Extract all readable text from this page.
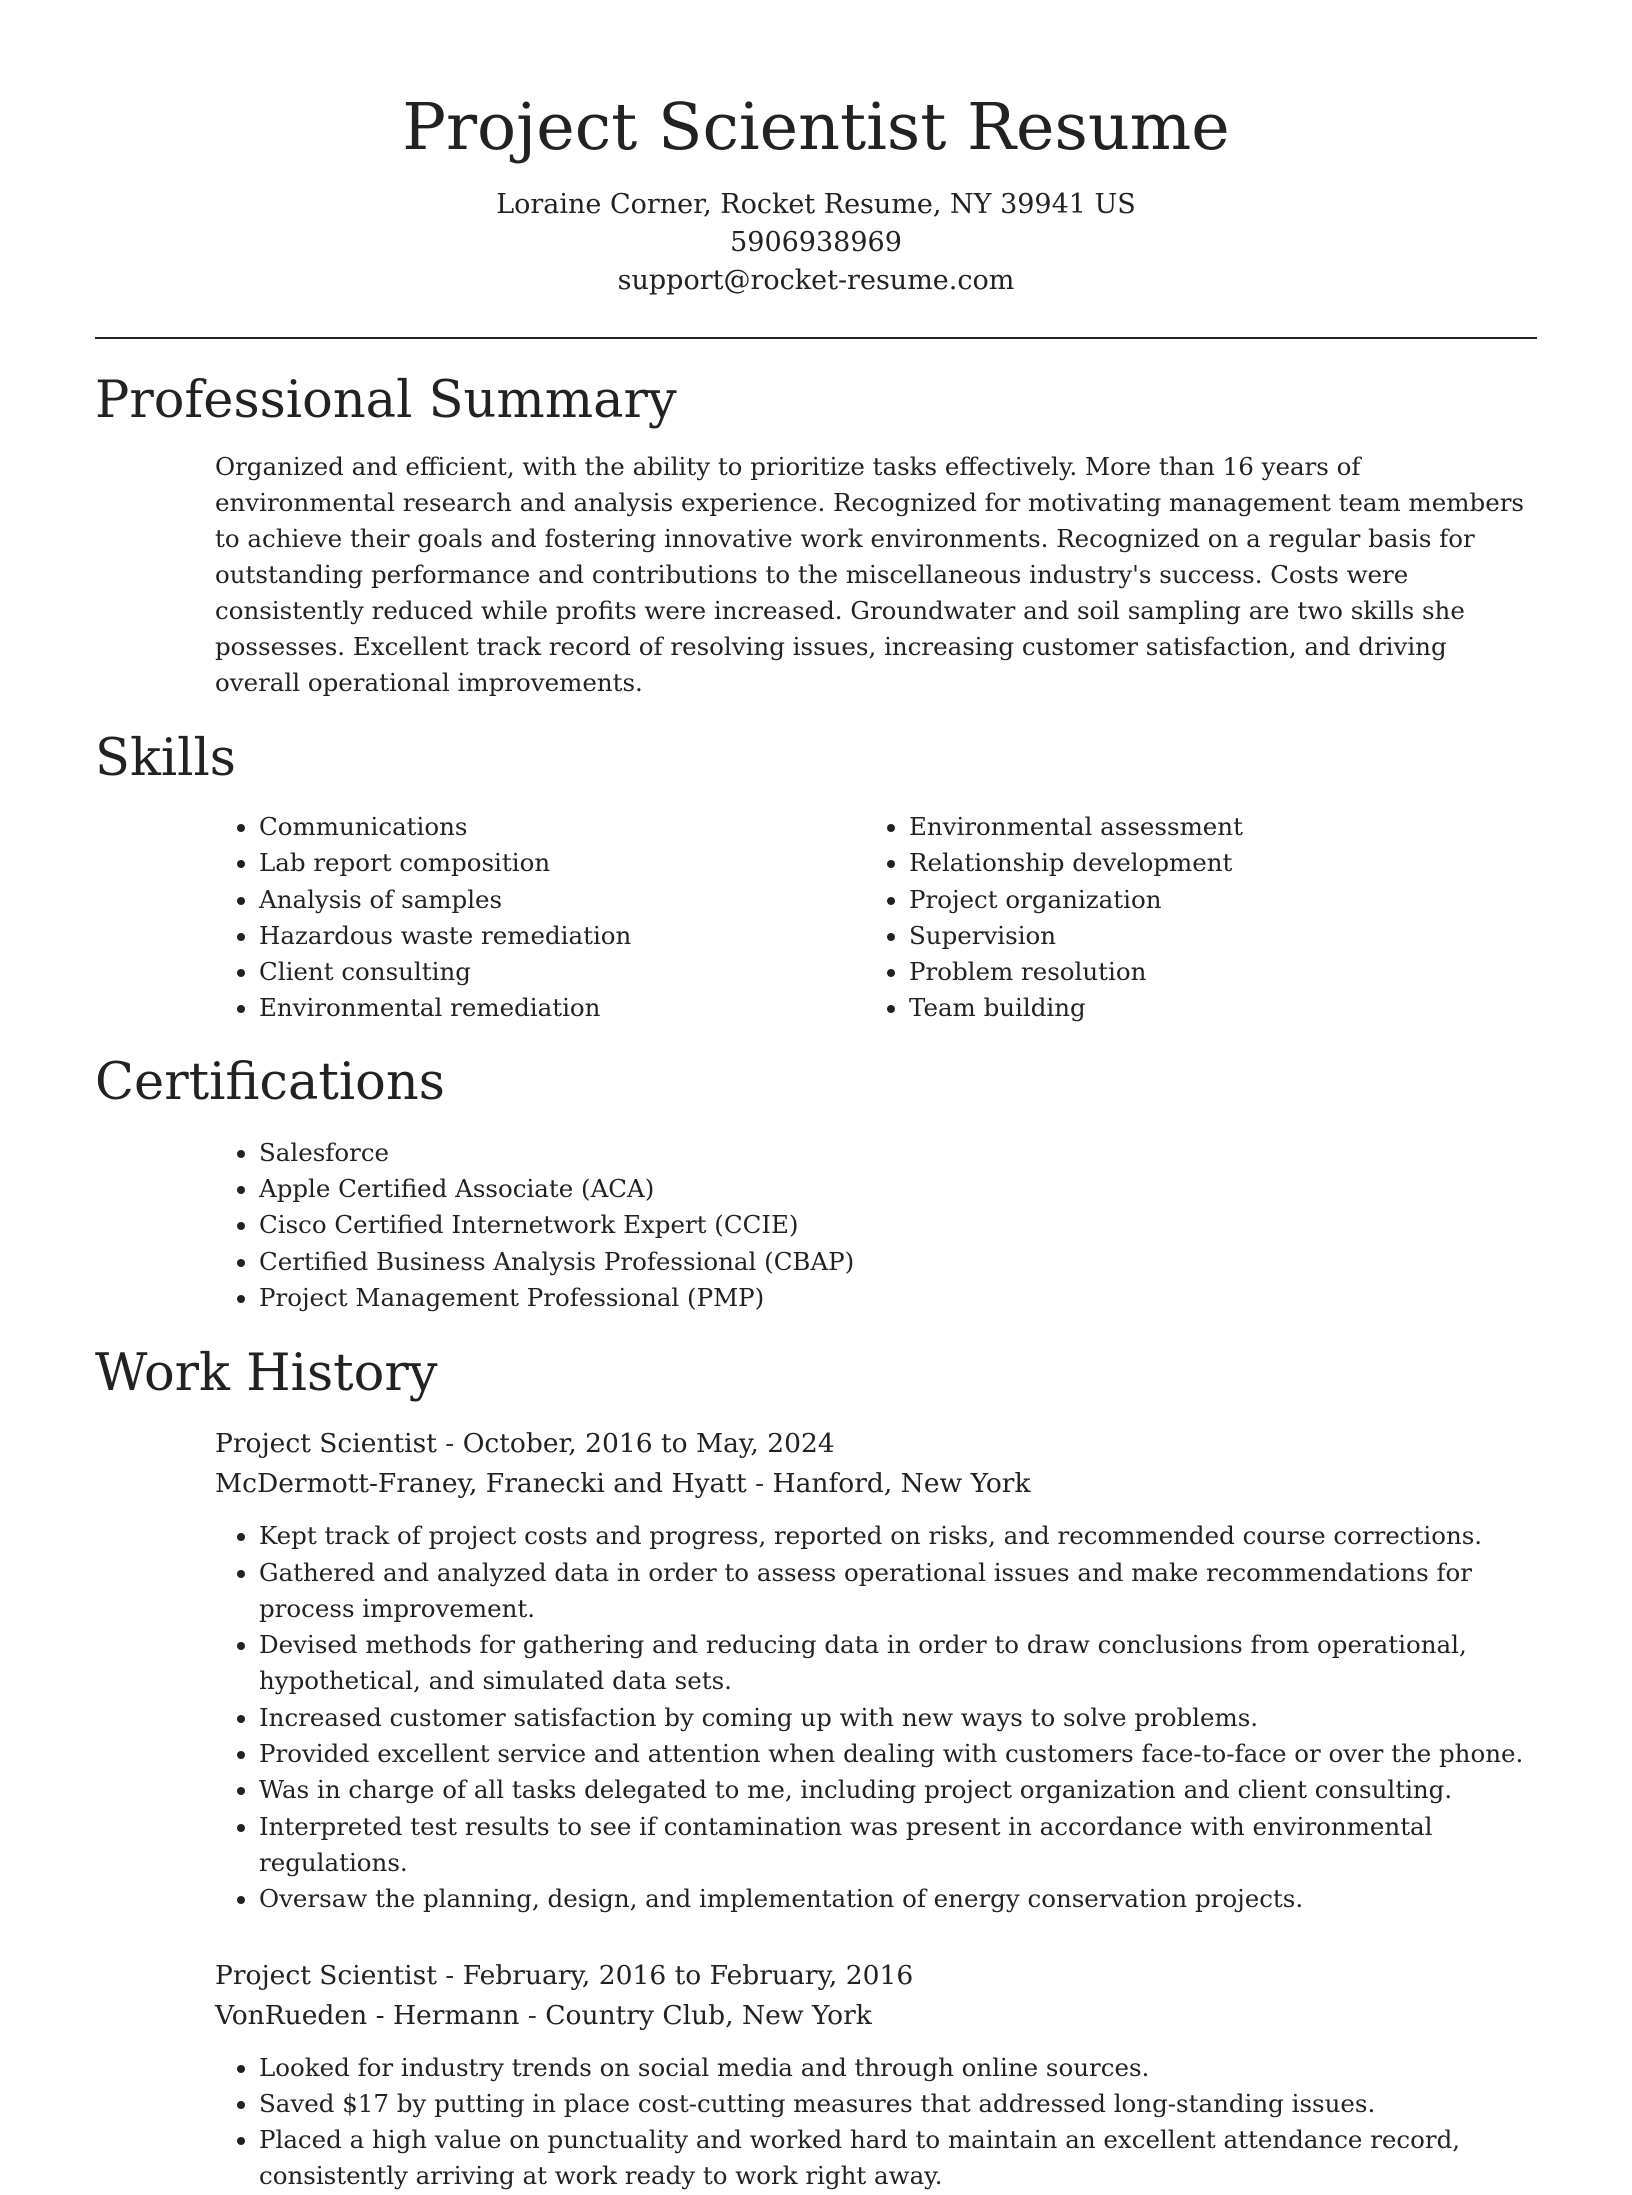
Project Scientist Resume
Loraine Corner, Rocket Resume, NY 39941 US
5906938969
support@rocket-resume.com
Professional Summary

Organized and efficient, with the ability to prioritize tasks effectively. More than 16 years of environmental research and analysis experience. Recognized for motivating management team members to achieve their goals and fostering innovative work environments. Recognized on a regular basis for outstanding performance and contributions to the miscellaneous industry's success. Costs were consistently reduced while profits were increased. Groundwater and soil sampling are two skills she possesses. Excellent track record of resolving issues, increasing customer satisfaction, and driving overall operational improvements.

Skills
• Communications
• Lab report composition
• Analysis of samples
• Hazardous waste remediation
• Client consulting
• Environmental remediation
• Environmental assessment
• Relationship development
• Project organization
• Supervision
• Problem resolution
• Team building
Certifications
• Salesforce
• Apple Certified Associate (ACA)
• Cisco Certified Internetwork Expert (CCIE)
• Certified Business Analysis Professional (CBAP)
• Project Management Professional (PMP)
Work History

Project Scientist - October, 2016 to May, 2024

McDermott-Franey, Franecki and Hyatt - Hanford, New York

• Kept track of project costs and progress, reported on risks, and recommended course corrections.
• Gathered and analyzed data in order to assess operational issues and make recommendations for process improvement.
• Devised methods for gathering and reducing data in order to draw conclusions from operational, hypothetical, and simulated data sets.
• Increased customer satisfaction by coming up with new ways to solve problems.
• Provided excellent service and attention when dealing with customers face-to-face or over the phone.
• Was in charge of all tasks delegated to me, including project organization and client consulting.
• Interpreted test results to see if contamination was present in accordance with environmental regulations.
• Oversaw the planning, design, and implementation of energy conservation projects.

Project Scientist - February, 2016 to February, 2016

VonRueden - Hermann - Country Club, New York

• Looked for industry trends on social media and through online sources.
• Saved $17 by putting in place cost-cutting measures that addressed long-standing issues.
• Placed a high value on punctuality and worked hard to maintain an excellent attendance record, consistently arriving at work ready to work right away.
